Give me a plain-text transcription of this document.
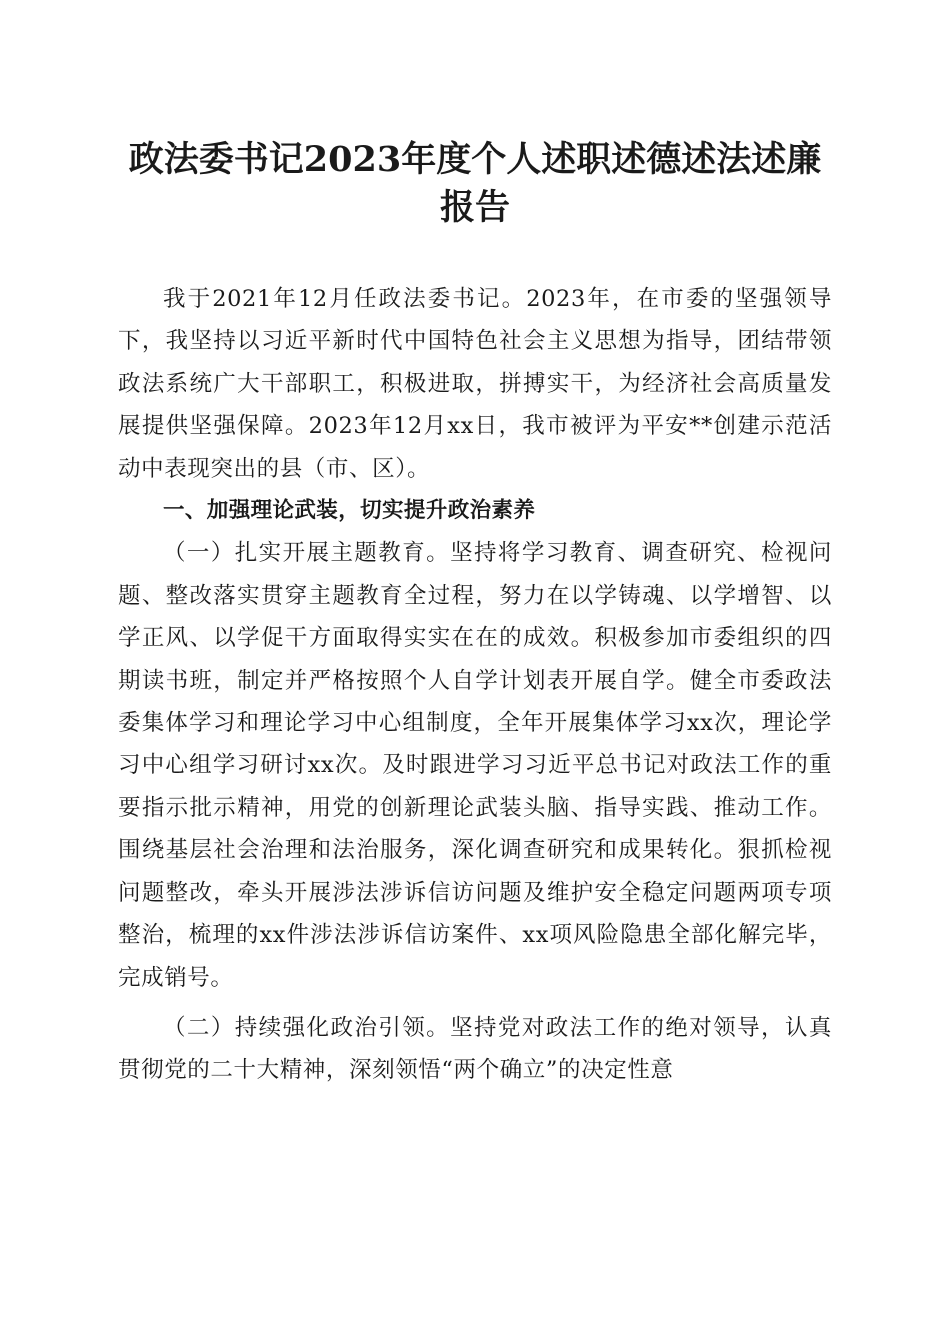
政法委书记2023年度个人述职述德述法述廉
报告

我于2021年12月任政法委书记。2023年，在市委的坚强领导下，我坚持以习近平新时代中国特色社会主义思想为指导，团结带领政法系统广大干部职工，积极进取，拼搏实干，为经济社会高质量发展提供坚强保障。2023年12月xx日，我市被评为平安**创建示范活动中表现突出的县（市、区）。

一、加强理论武装，切实提升政治素养

（一）扎实开展主题教育。坚持将学习教育、调查研究、检视问题、整改落实贯穿主题教育全过程，努力在以学铸魂、以学增智、以学正风、以学促干方面取得实实在在的成效。积极参加市委组织的四期读书班，制定并严格按照个人自学计划表开展自学。健全市委政法委集体学习和理论学习中心组制度，全年开展集体学习xx次，理论学习中心组学习研讨xx次。及时跟进学习习近平总书记对政法工作的重要指示批示精神，用党的创新理论武装头脑、指导实践、推动工作。围绕基层社会治理和法治服务，深化调查研究和成果转化。狠抓检视问题整改，牵头开展涉法涉诉信访问题及维护安全稳定问题两项专项整治，梳理的xx件涉法涉诉信访案件、xx项风险隐患全部化解完毕，完成销号。

（二）持续强化政治引领。坚持党对政法工作的绝对领导，认真贯彻党的二十大精神，深刻领悟“两个确立”的决定性意
